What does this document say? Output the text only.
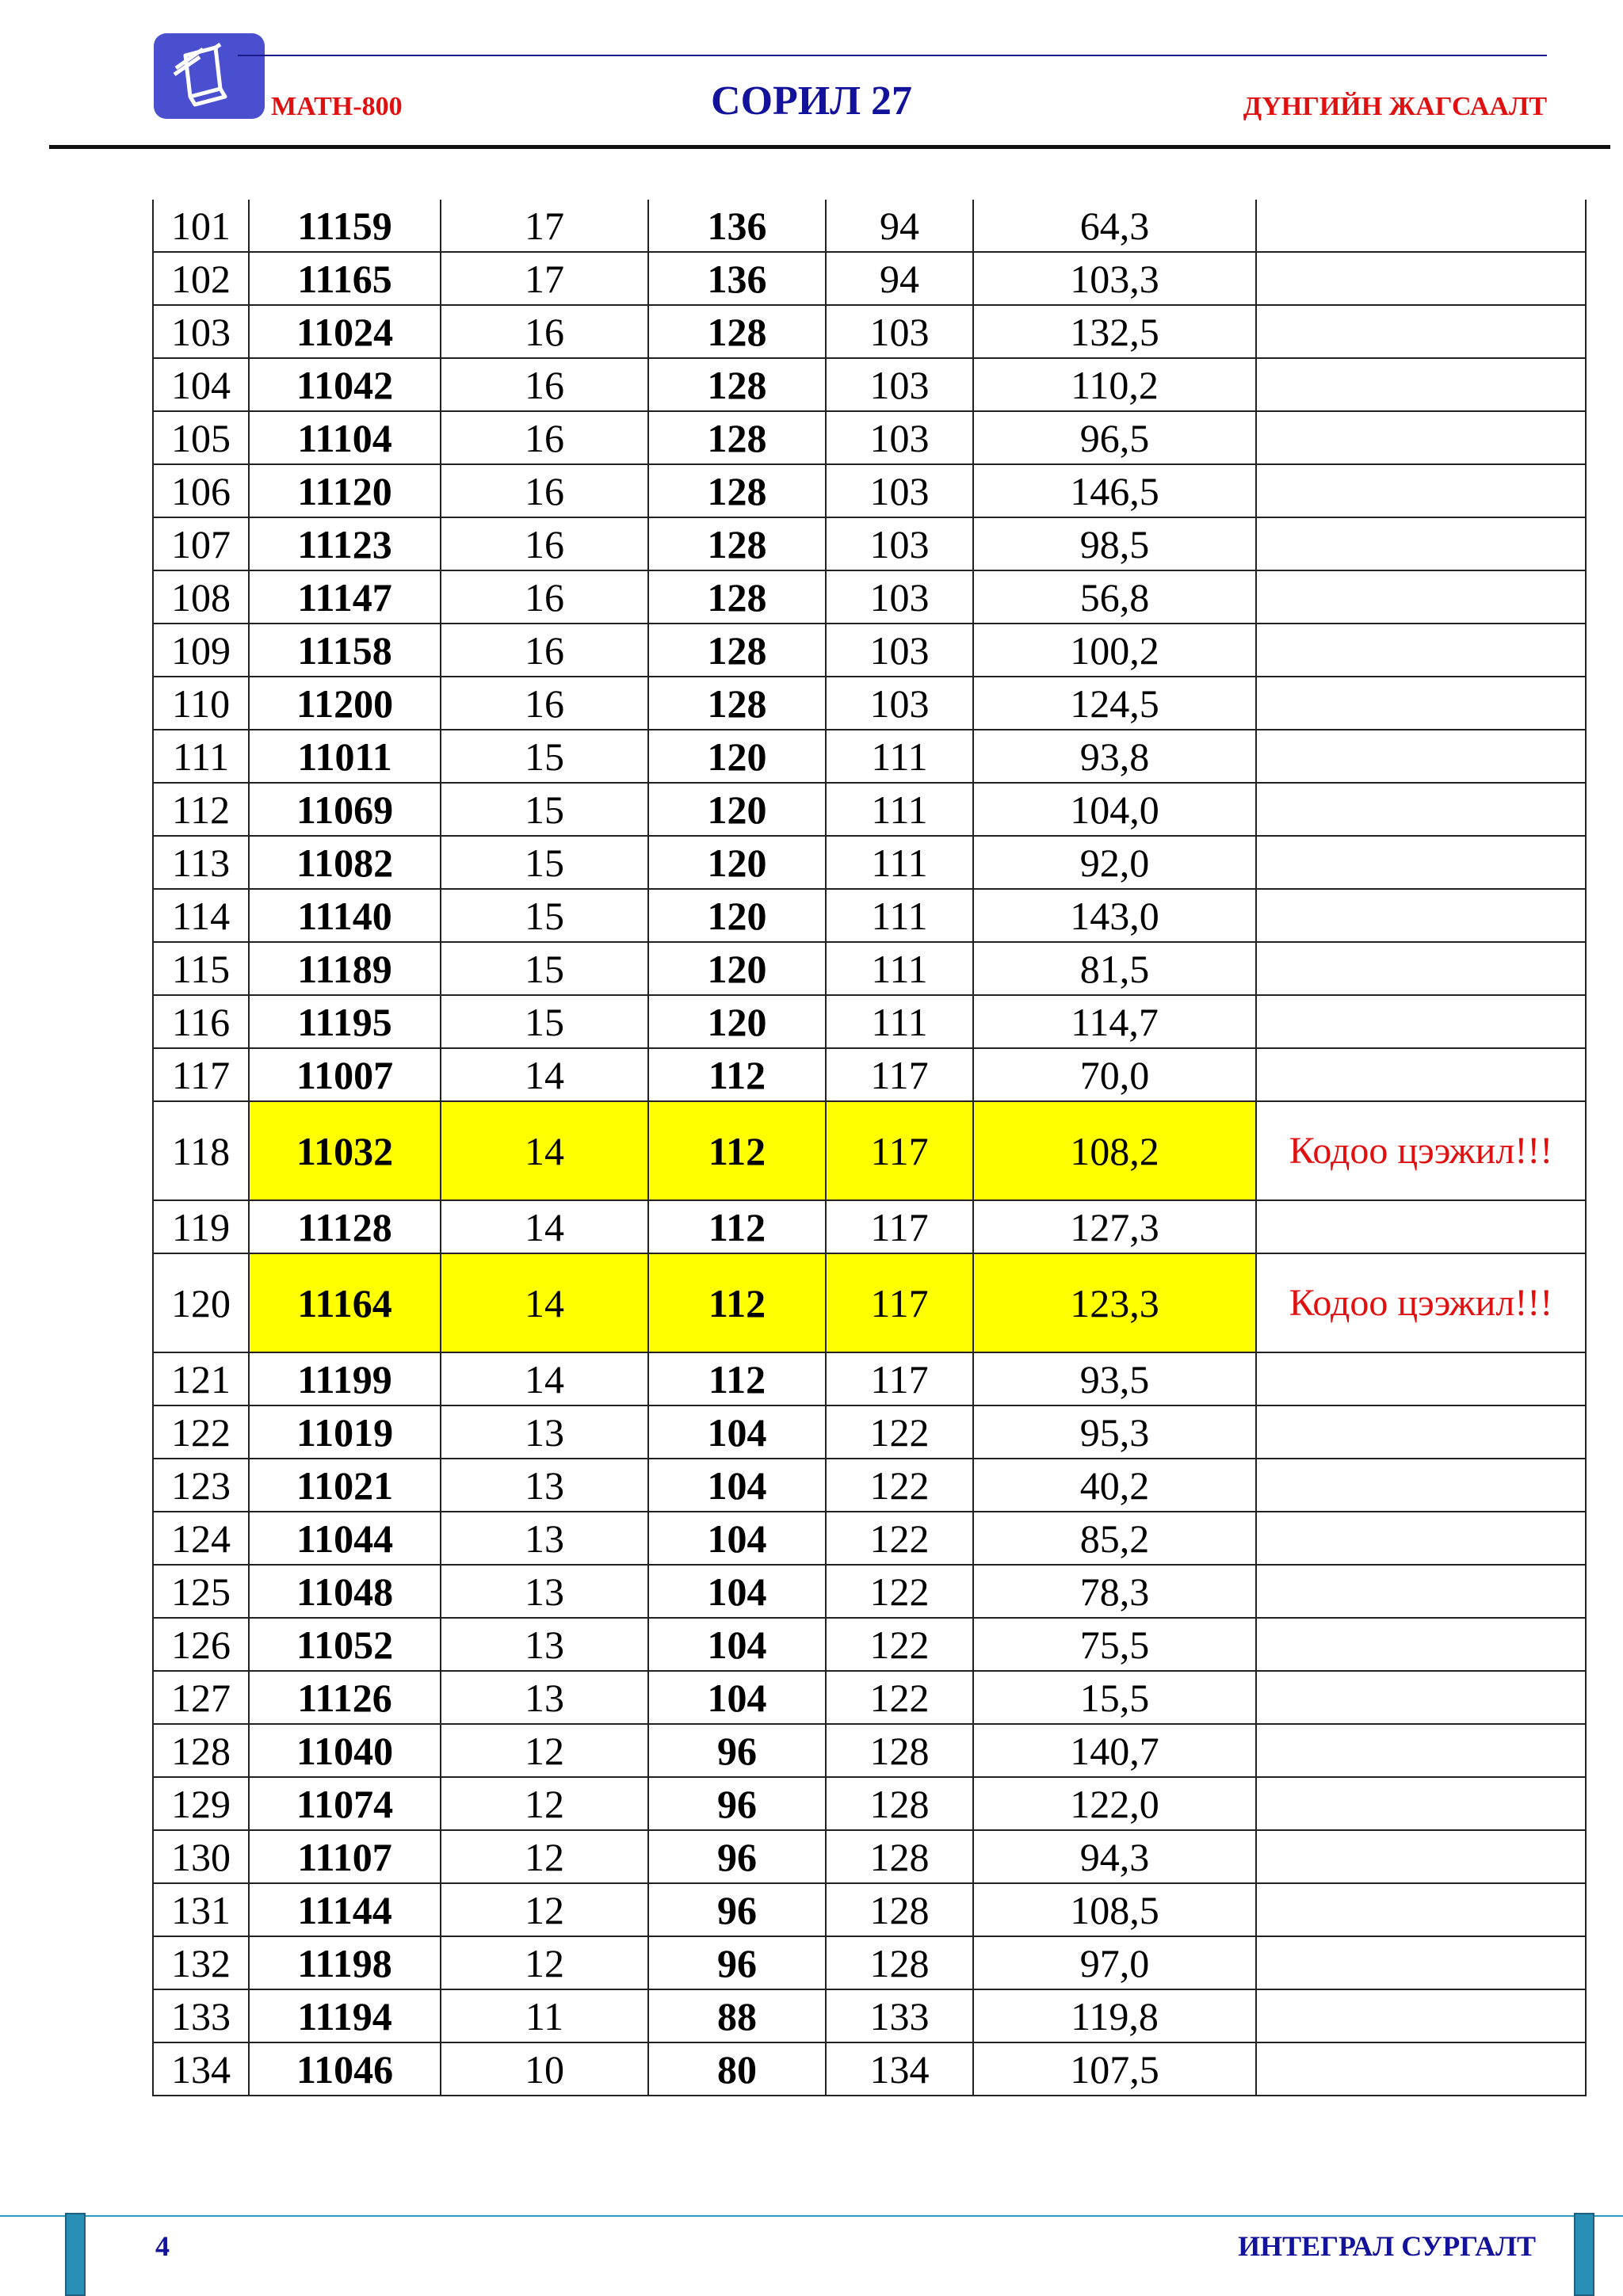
MATH-800	СОРИЛ 27	ДҮНГИЙН ЖАГСААЛТ
101	11159	17	136	94	64,3	
102	11165	17	136	94	103,3	
103	11024	16	128	103	132,5	
104	11042	16	128	103	110,2	
105	11104	16	128	103	96,5	
106	11120	16	128	103	146,5	
107	11123	16	128	103	98,5	
108	11147	16	128	103	56,8	
109	11158	16	128	103	100,2	
110	11200	16	128	103	124,5	
111	11011	15	120	111	93,8	
112	11069	15	120	111	104,0	
113	11082	15	120	111	92,0	
114	11140	15	120	111	143,0	
115	11189	15	120	111	81,5	
116	11195	15	120	111	114,7	
117	11007	14	112	117	70,0	
118	11032	14	112	117	108,2	Кодоо цээжил!!!
119	11128	14	112	117	127,3	
120	11164	14	112	117	123,3	Кодоо цээжил!!!
121	11199	14	112	117	93,5	
122	11019	13	104	122	95,3	
123	11021	13	104	122	40,2	
124	11044	13	104	122	85,2	
125	11048	13	104	122	78,3	
126	11052	13	104	122	75,5	
127	11126	13	104	122	15,5	
128	11040	12	96	128	140,7	
129	11074	12	96	128	122,0	
130	11107	12	96	128	94,3	
131	11144	12	96	128	108,5	
132	11198	12	96	128	97,0	
133	11194	11	88	133	119,8	
134	11046	10	80	134	107,5	
4	ИНТЕГРАЛ СУРГАЛТ
